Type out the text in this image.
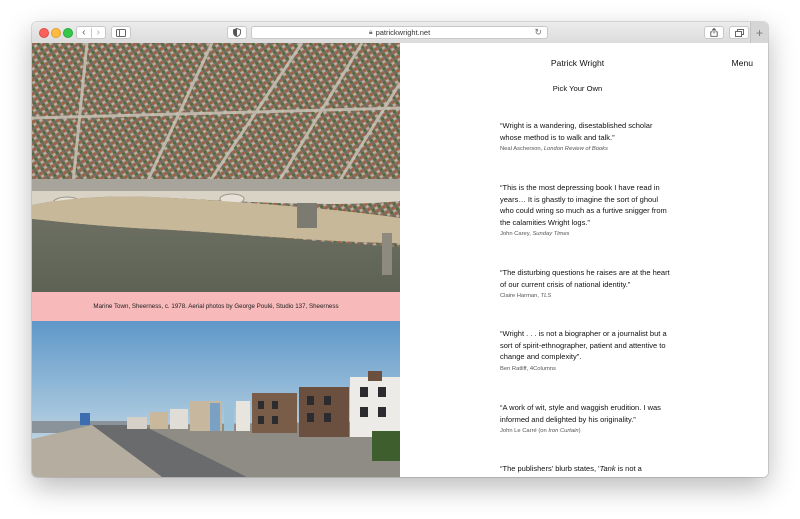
‹	›	🔒︎ patrickwright.net	↻	+
Marine Town, Sheerness, c. 1978. Aerial photos by George Poulé, Studio 137, Sheerness
Patrick Wright	Menu
Pick Your Own

“Wright is a wandering, disestablished scholar whose method is to walk and talk.”

Neal Ascherson, London Review of Books

“This is the most depressing book I have read in years… It is ghastly to imagine the sort of ghoul who could wring so much as a furtive snigger from the calamities Wright logs.”

John Carey, Sunday Times

“The disturbing questions he raises are at the heart of our current crisis of national identity.”

Claire Harman, TLS

“Wright . . . is not a biographer or a journalist but a sort of spirit-ethnographer, patient and attentive to change and complexity”.

Ben Ratliff, 4Columns

“A work of wit, style and waggish erudition. I was informed and delighted by his originality.”

John Le Carré (on Iron Curtain)

“The publishers' blurb states, 'Tank is not a
